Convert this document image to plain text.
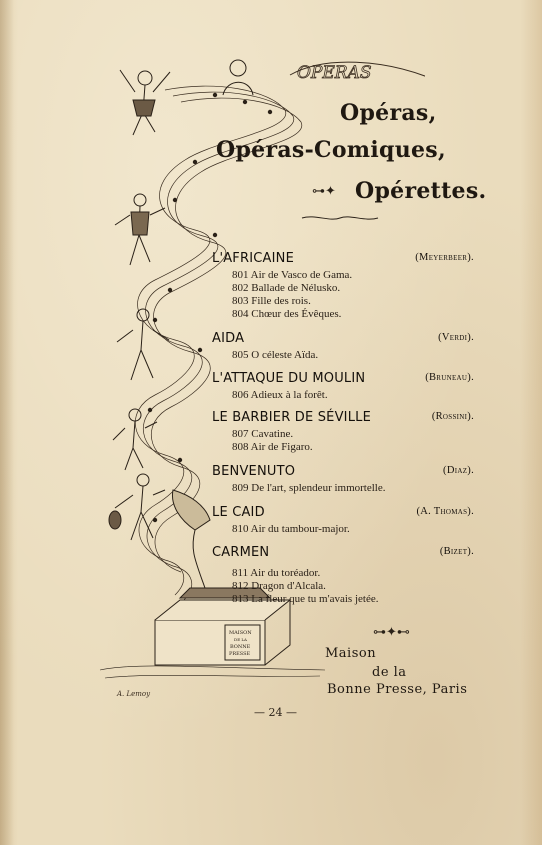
OPERAS
MAISON
DE LA
BONNE
PRESSE
Opéras,
Opéras-Comiques,
⊶✦ Opérettes.
L'AFRICAINE	(Meyerbeer).
801 Air de Vasco de Gama.
802 Ballade de Nélusko.
803 Fille des rois.
804 Chœur des Évêques.
AIDA	(Verdi).
805 O céleste Aïda.
L'ATTAQUE DU MOULIN	(Bruneau).
806 Adieux à la forêt.
LE BARBIER DE SÉVILLE	(Rossini).
807 Cavatine.
808 Air de Figaro.
BENVENUTO	(Diaz).
809 De l'art, splendeur immortelle.
LE CAID	(A. Thomas).
810 Air du tambour-major.
CARMEN	(Bizet).
811 Air du toréador.
812 Dragon d'Alcala.
813 La fleur que tu m'avais jetée.
⊶✦⊷
Maison
de la
Bonne Presse, Paris
A. Lemoy
— 24 —
